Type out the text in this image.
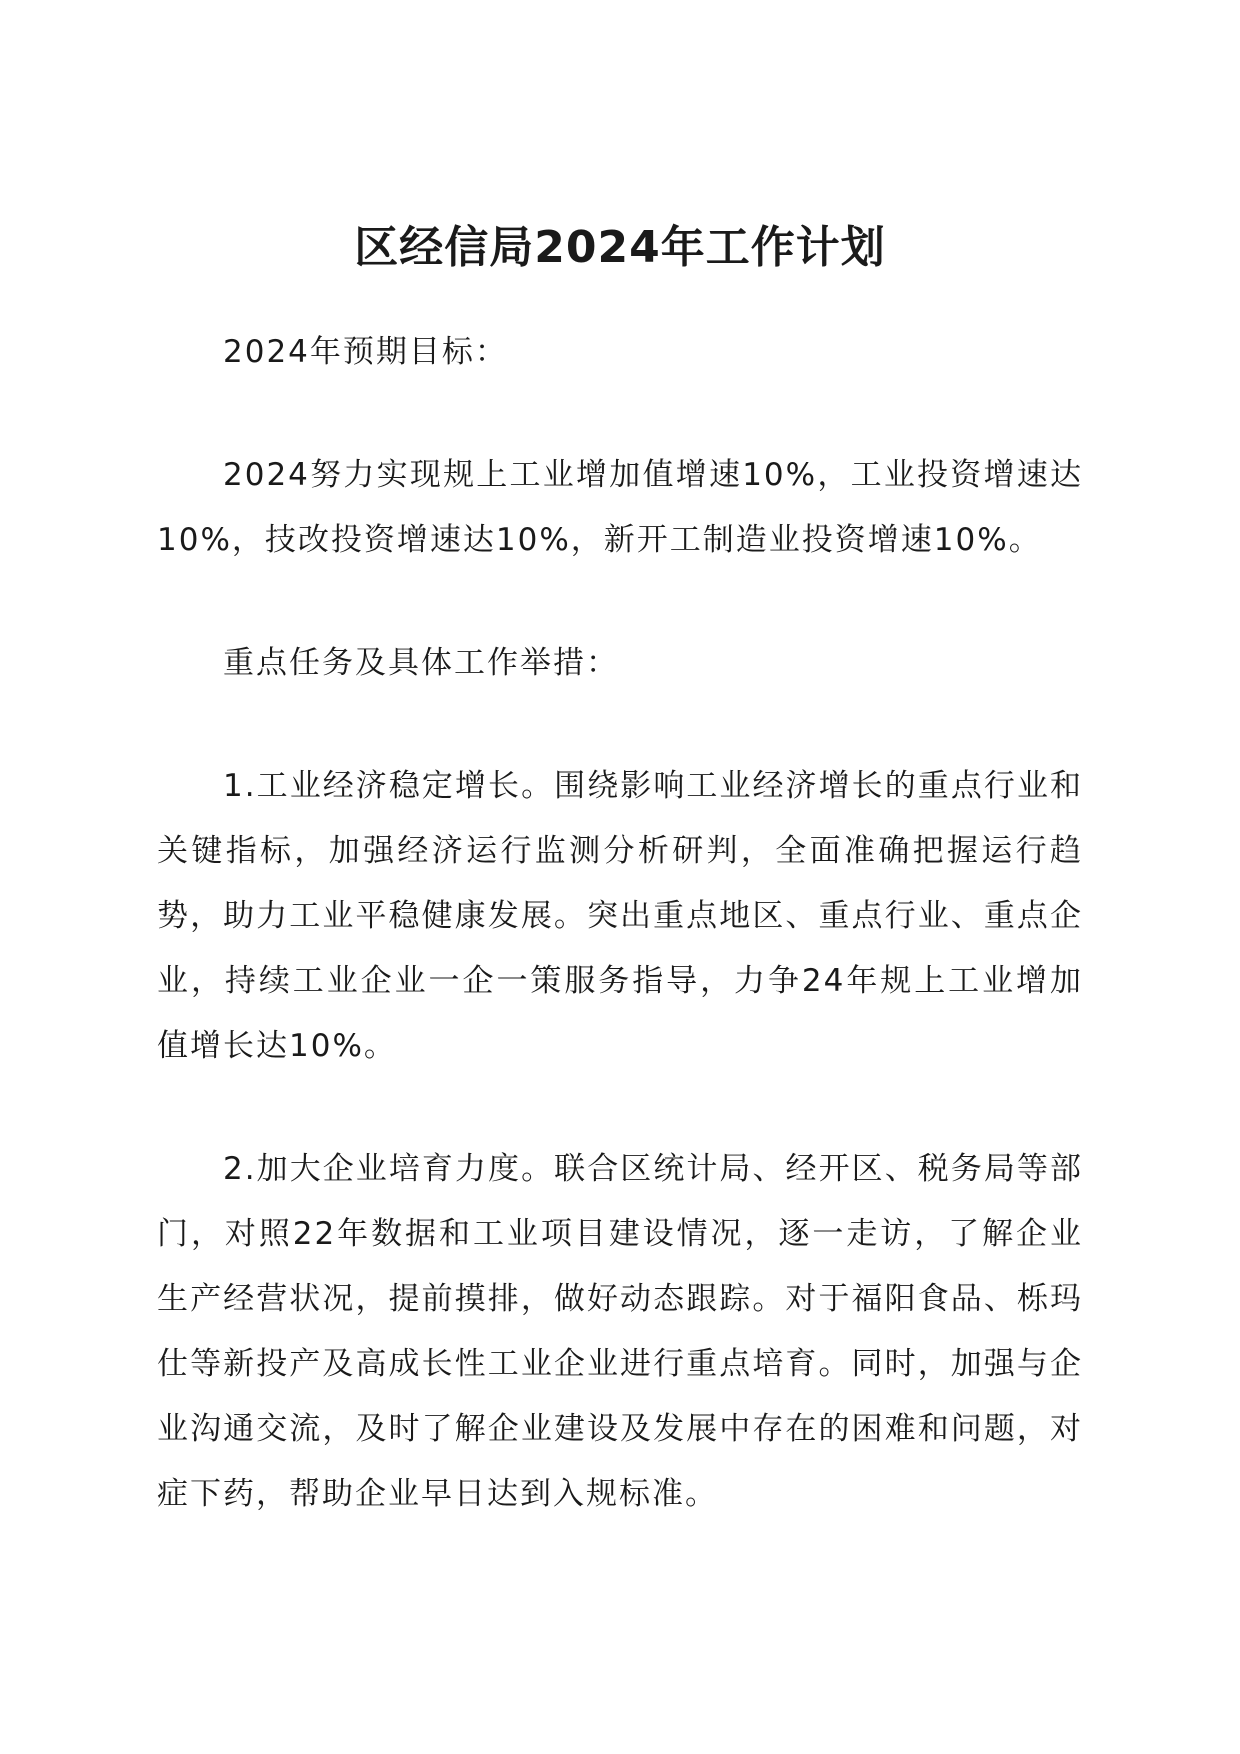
区经信局2024年工作计划

2024年预期目标：

2024努力实现规上工业增加值增速10%，工业投资增速达10%，技改投资增速达10%，新开工制造业投资增速10%。

重点任务及具体工作举措：

1.工业经济稳定增长。围绕影响工业经济增长的重点行业和关键指标，加强经济运行监测分析研判，全面准确把握运行趋势，助力工业平稳健康发展。突出重点地区、重点行业、重点企业，持续工业企业一企一策服务指导，力争24年规上工业增加值增长达10%。

2.加大企业培育力度。联合区统计局、经开区、税务局等部门，对照22年数据和工业项目建设情况，逐一走访，了解企业生产经营状况，提前摸排，做好动态跟踪。对于福阳食品、栎玛仕等新投产及高成长性工业企业进行重点培育。同时，加强与企业沟通交流，及时了解企业建设及发展中存在的困难和问题，对症下药，帮助企业早日达到入规标准。
